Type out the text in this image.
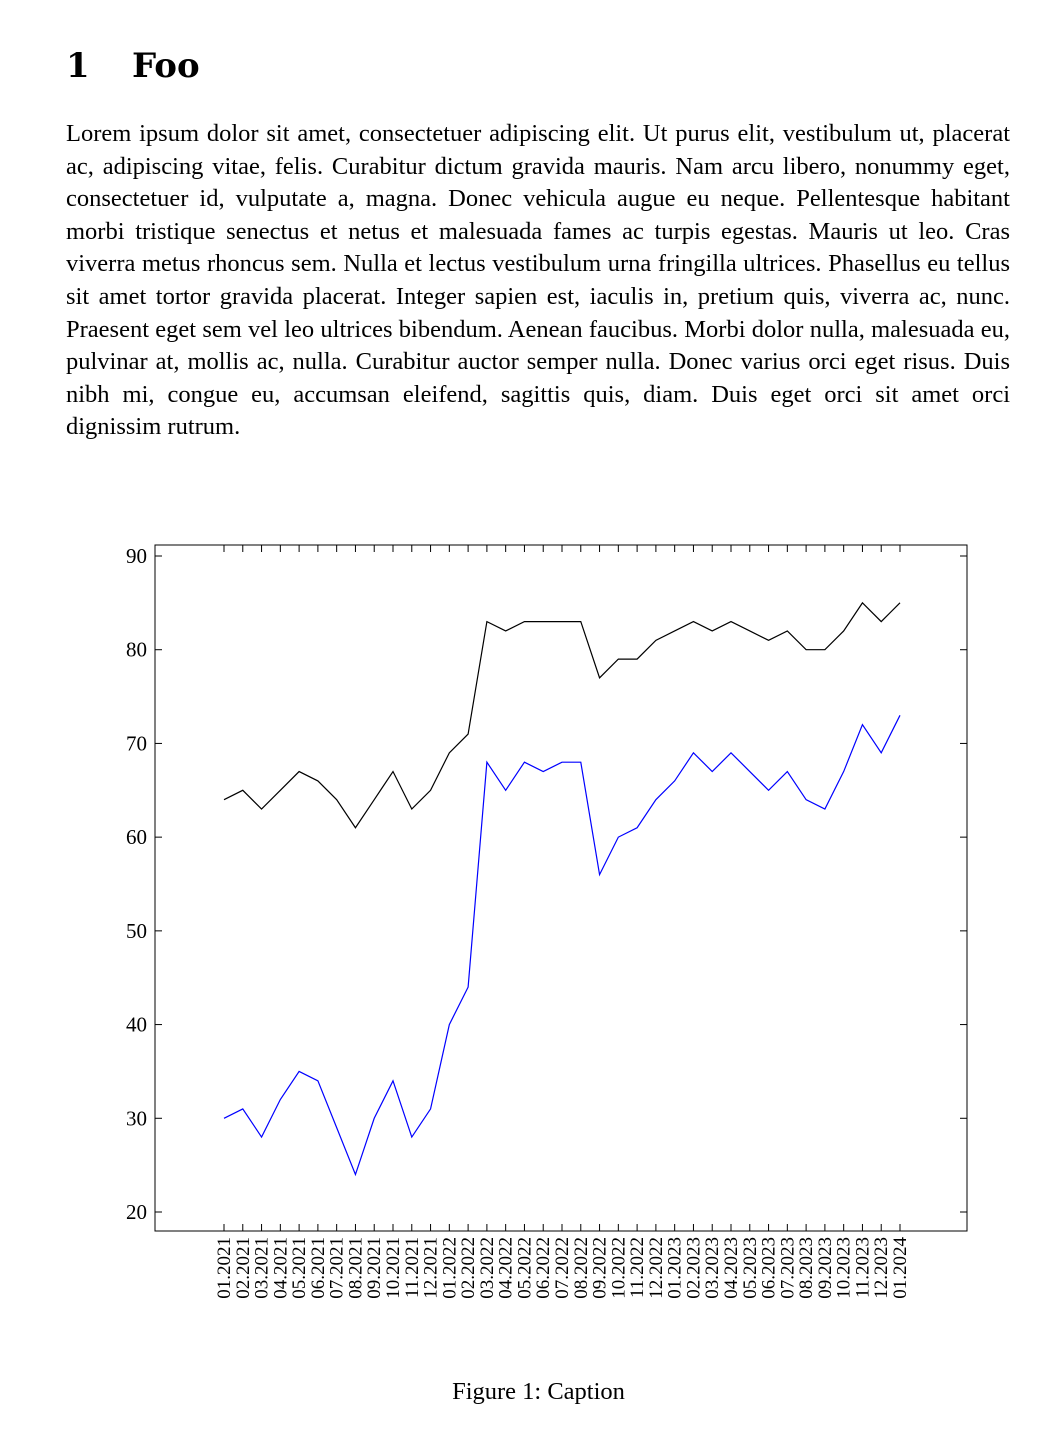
1 Foo

Lorem ipsum dolor sit amet, consectetuer adipiscing elit. Ut purus elit, vestibulum ut, placerat ac, adipiscing vitae, felis. Curabitur dictum gravida mauris. Nam arcu libero, nonummy eget, consectetuer id, vulputate a, magna. Donec vehicula augue eu neque. Pellentesque habitant morbi tristique senectus et netus et malesuada fames ac turpis egestas. Mauris ut leo. Cras viverra metus rhoncus sem. Nulla et lectus vestibulum urna fringilla ultrices. Phasellus eu tellus sit amet tortor gravida placerat. Integer sapien est, iaculis in, pretium quis, viverra ac, nunc. Praesent eget sem vel leo ultrices bibendum. Aenean faucibus. Morbi dolor nulla, malesuada eu, pulvinar at, mollis ac, nulla. Curabitur auctor semper nulla. Donec varius orci eget risus. Duis nibh mi, congue eu, accumsan eleifend, sagittis quis, diam. Duis eget orci sit amet orci dignissim rutrum.

20
30
40
50
60
70
80
90
01.2021
02.2021
03.2021
04.2021
05.2021
06.2021
07.2021
08.2021
09.2021
10.2021
11.2021
12.2021
01.2022
02.2022
03.2022
04.2022
05.2022
06.2022
07.2022
08.2022
09.2022
10.2022
11.2022
12.2022
01.2023
02.2023
03.2023
04.2023
05.2023
06.2023
07.2023
08.2023
09.2023
10.2023
11.2023
12.2023
01.2024

Figure 1: Caption
